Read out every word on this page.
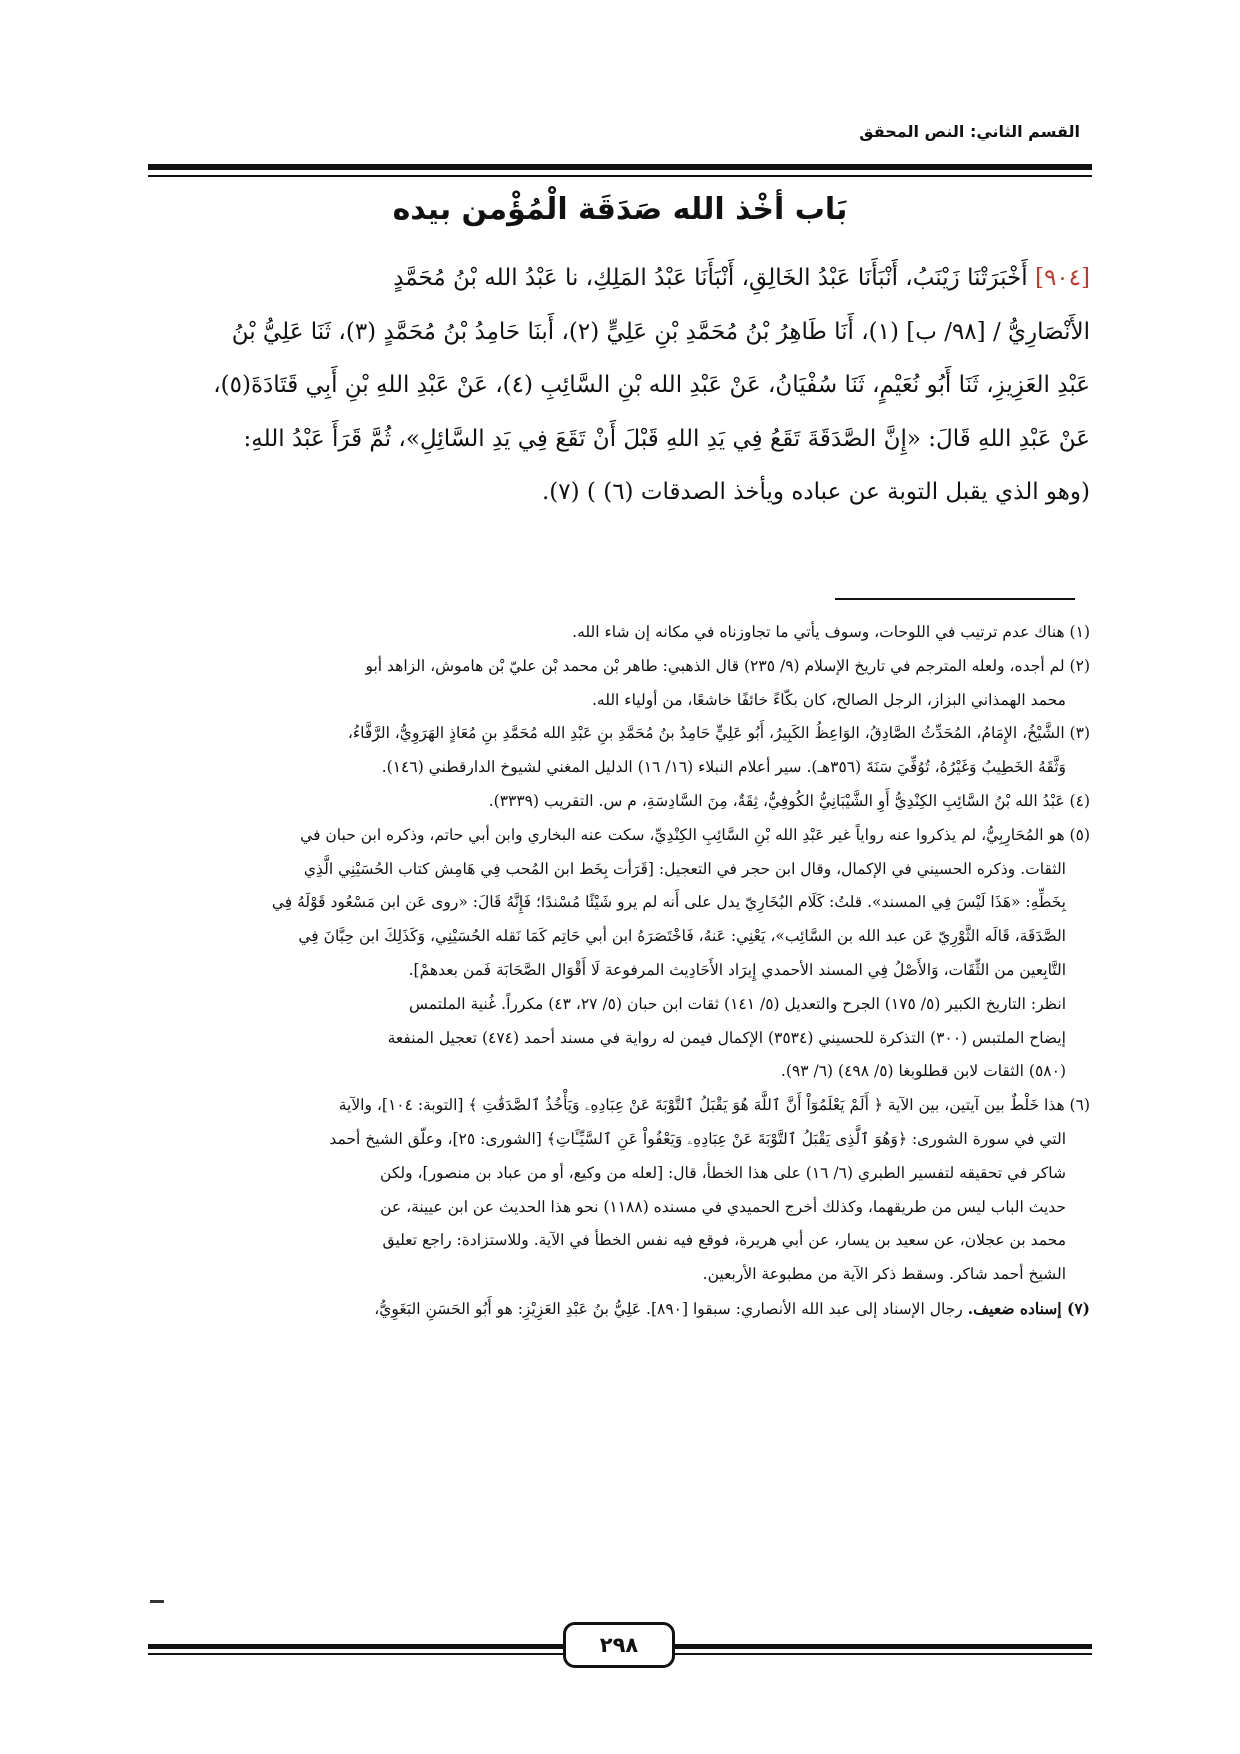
القسم الثاني: النص المحقق
بَاب أخْذ الله صَدَقَة الْمُؤْمن بيده
[٩٠٤] أَخْبَرَتْنَا زَيْنَبُ، أَنْبَأَنَا عَبْدُ الخَالِقِ، أَنْبَأَنَا عَبْدُ المَلِكِ، نا عَبْدُ الله بْنُ مُحَمَّدٍ
الأَنْصَارِيُّ / [٩٨/ ب] (١)، أَنَا طَاهِرُ بْنُ مُحَمَّدِ بْنِ عَلِيٍّ (٢)، أَبنَا حَامِدُ بْنُ مُحَمَّدٍ (٣)، ثَنَا عَلِيُّ بْنُ
عَبْدِ العَزِيزِ، ثَنَا أَبُو نُعَيْمٍ، ثَنَا سُفْيَانُ، عَنْ عَبْدِ الله بْنِ السَّائِبِ (٤)، عَنْ عَبْدِ اللهِ بْنِ أَبِي قَتَادَةَ(٥)،
عَنْ عَبْدِ اللهِ قَالَ: «إِنَّ الصَّدَقَةَ تَقَعُ فِي يَدِ اللهِ قَبْلَ أَنْ تَقَعَ فِي يَدِ السَّائِلِ»، ثُمَّ قَرَأَ عَبْدُ اللهِ:
(وهو الذي يقبل التوبة عن عباده ويأخذ الصدقات (٦) ) (٧).
(١) هناك عدم ترتيب في اللوحات، وسوف يأتي ما تجاوزناه في مكانه إن شاء الله.
(٢) لم أجده، ولعله المترجم في تاريخ الإسلام (٩/ ٢٣٥) قال الذهبي: طاهر بْن محمد بْن عليّ بْن هاموش، الزاهد أبو
محمد الهمذاني البزاز، الرجل الصالح، كان بكّاءً خائفًا خاشعًا، من أولياء الله.
(٣) الشَّيْخُ، الإِمَامُ، المُحَدِّثُ الصَّادِقُ، الوَاعِظُ الكَبِيرُ، أَبُو عَلِيٍّ حَامِدُ بنُ مُحَمَّدِ بنِ عَبْدِ الله مُحَمَّدِ بنِ مُعَاذٍ الهَرَوِيُّ، الرَّفَّاءُ،
وَثَّقَهُ الخَطِيبُ وَغَيْرُهُ، تُوُفِّيَ سَنَةَ (٣٥٦هـ). سير أعلام النبلاء (١٦/ ١٦) الدليل المغني لشيوخ الدارقطني (١٤٦).
(٤) عَبْدُ الله بْنُ السَّائِبِ الكِنْدِيُّ أَوِ الشَّيْبَانِيُّ الكُوفِيُّ، ثِقَةٌ، مِنَ السَّادِسَةِ، م س. التقريب (٣٣٣٩).
(٥) هو المُحَارِبِيُّ، لم يذكروا عنه رواياً غير عَبْدِ الله بْنِ السَّائِبِ الكِنْدِيِّ، سكت عنه البخاري وابن أبي حاتم، وذكره ابن حبان في
الثقات. وذكره الحسيني في الإكمال، وقال ابن حجر في التعجيل: [قَرَأت بِخَط ابن المُحب فِي هَامِش كتاب الحُسَيْنِي الَّذِي
بِخَطِّهِ: «هَذَا لَيْسَ فِي المسند». قلتُ: كَلَام البُخَارِيّ يدل على أَنه لم يرو شَيْئًا مُسْندًا؛ فَإِنَّهُ قَالَ: «روى عَن ابن مَسْعُود قَوْلَهُ فِي
الصَّدَقَة، قَالَه الثَّوْرِيّ عَن عبد الله بن السَّائِب»، يَعْنِي: عَنهُ، فَاخْتَصَرَهُ ابن أبي حَاتِم كَمَا نَقله الحُسَيْنِي، وَكَذَلِكَ ابن حِبَّانَ فِي
التَّابِعين من الثِّقَات، وَالأَصْلُ فِي المسند الأحمدي إِيرَاد الأَحَادِيث المرفوعة لَا أَقْوَال الصَّحَابَة فَمن بعدهمْ].
انظر: التاريخ الكبير (٥/ ١٧٥) الجرح والتعديل (٥/ ١٤١) ثقات ابن حبان (٥/ ٢٧، ٤٣) مكرراً. غُنية الملتمس
إيضاح الملتبس (٣٠٠) التذكرة للحسيني (٣٥٣٤) الإكمال فيمن له رواية في مسند أحمد (٤٧٤) تعجيل المنفعة
(٥٨٠) الثقات لابن قطلوبغا (٥/ ٤٩٨) (٦/ ٩٣).
(٦) هذا خَلْطٌ بين آيتين، بين الآية ﴿ أَلَمْ يَعْلَمُوٓاْ أَنَّ ٱللَّهَ هُوَ يَقْبَلُ ٱلتَّوْبَةَ عَنْ عِبَادِهِۦ وَيَأْخُذُ ٱلصَّدَقَٰتِ ﴾ [التوبة: ١٠٤]، والآية
التي في سورة الشورى: ﴿وَهُوَ ٱلَّذِى يَقْبَلُ ٱلتَّوْبَةَ عَنْ عِبَادِهِۦ وَيَعْفُواْ عَنِ ٱلسَّيِّـَٔاتِ﴾ [الشورى: ٢٥]، وعلّق الشيخ أحمد
شاكر في تحقيقه لتفسير الطبري (٦/ ١٦) على هذا الخطأ، قال: [لعله من وكيع، أو من عباد بن منصور]، ولكن
حديث الباب ليس من طريقهما، وكذلك أخرج الحميدي في مسنده (١١٨٨) نحو هذا الحديث عن ابن عيينة، عن
محمد بن عجلان، عن سعيد بن يسار، عن أبي هريرة، فوقع فيه نفس الخطأ في الآية. وللاستزادة: راجع تعليق
الشيخ أحمد شاكر. وسقط ذكر الآية من مطبوعة الأربعين.
(٧) إسناده ضعيف. رجال الإسناد إلى عبد الله الأنصاري: سبقوا [٨٩٠]. عَلِيُّ بنُ عَبْدِ العَزِيْزِ: هو أَبُو الحَسَنِ البَغَوِيُّ،
٢٩٨
